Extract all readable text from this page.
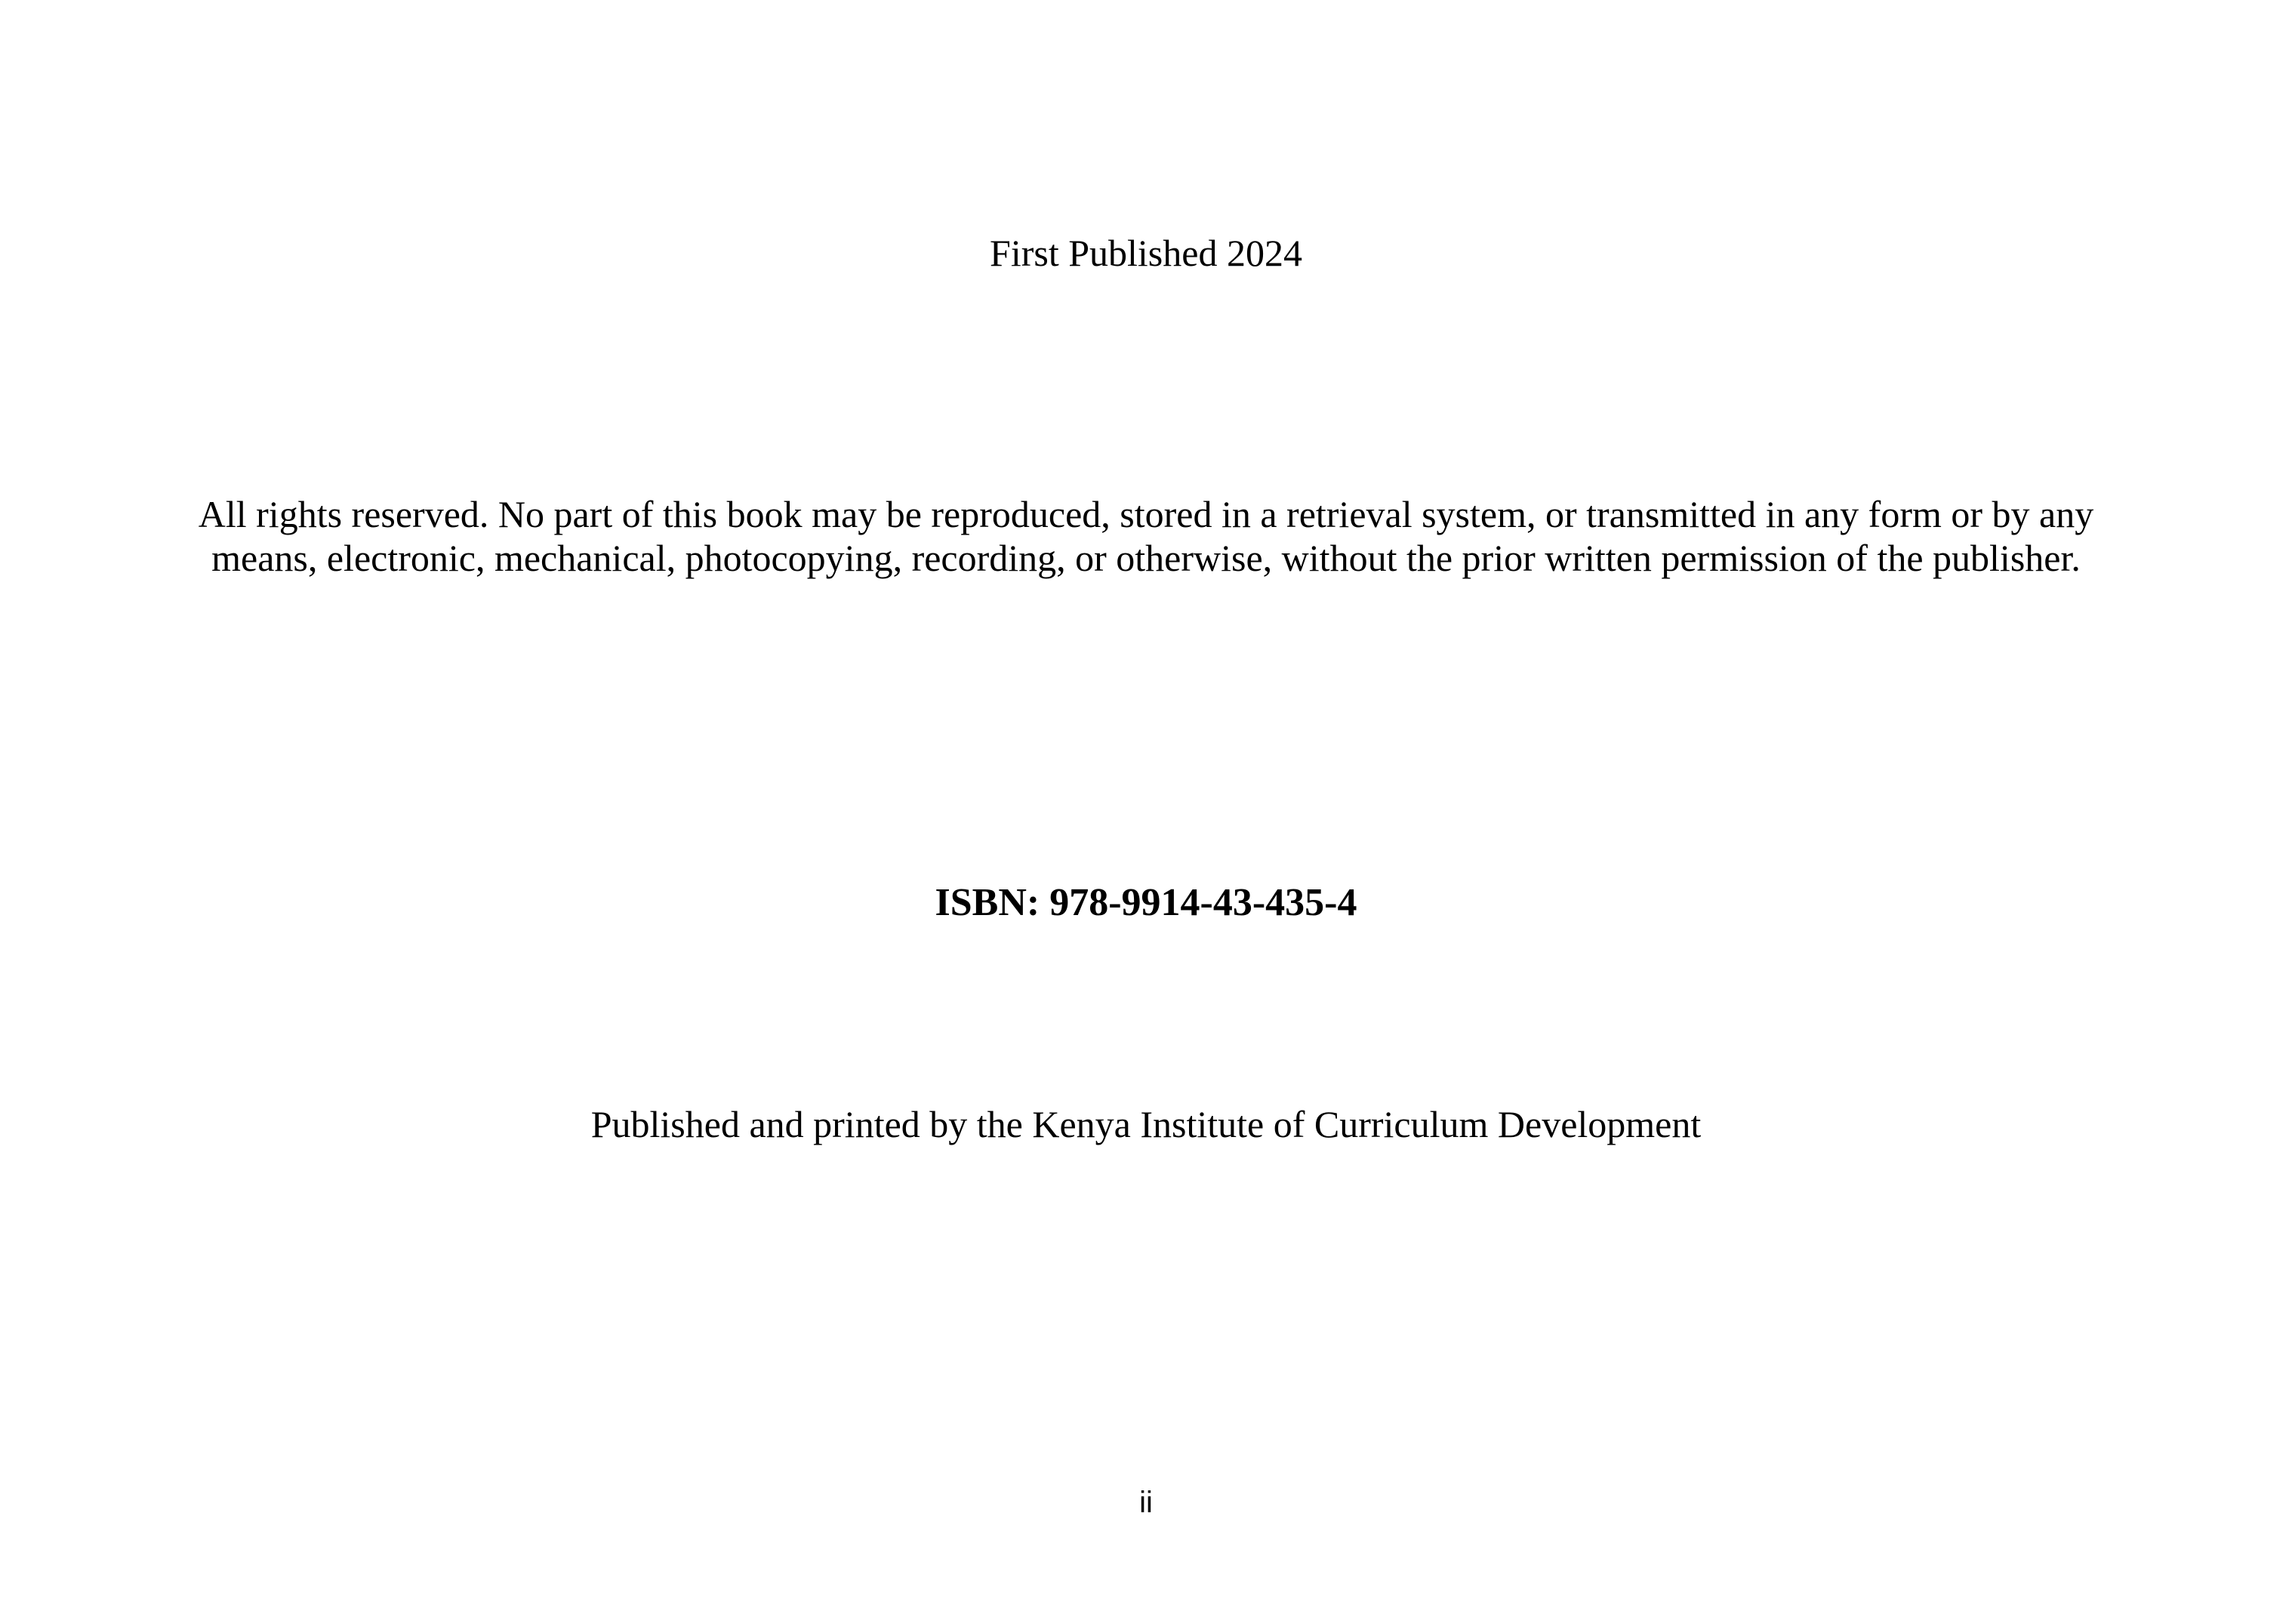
First Published 2024
All rights reserved. No part of this book may be reproduced, stored in a retrieval system, or transmitted in any form or by any
means, electronic, mechanical, photocopying, recording, or otherwise, without the prior written permission of the publisher.
ISBN: 978-9914-43-435-4
Published and printed by the Kenya Institute of Curriculum Development
ii
